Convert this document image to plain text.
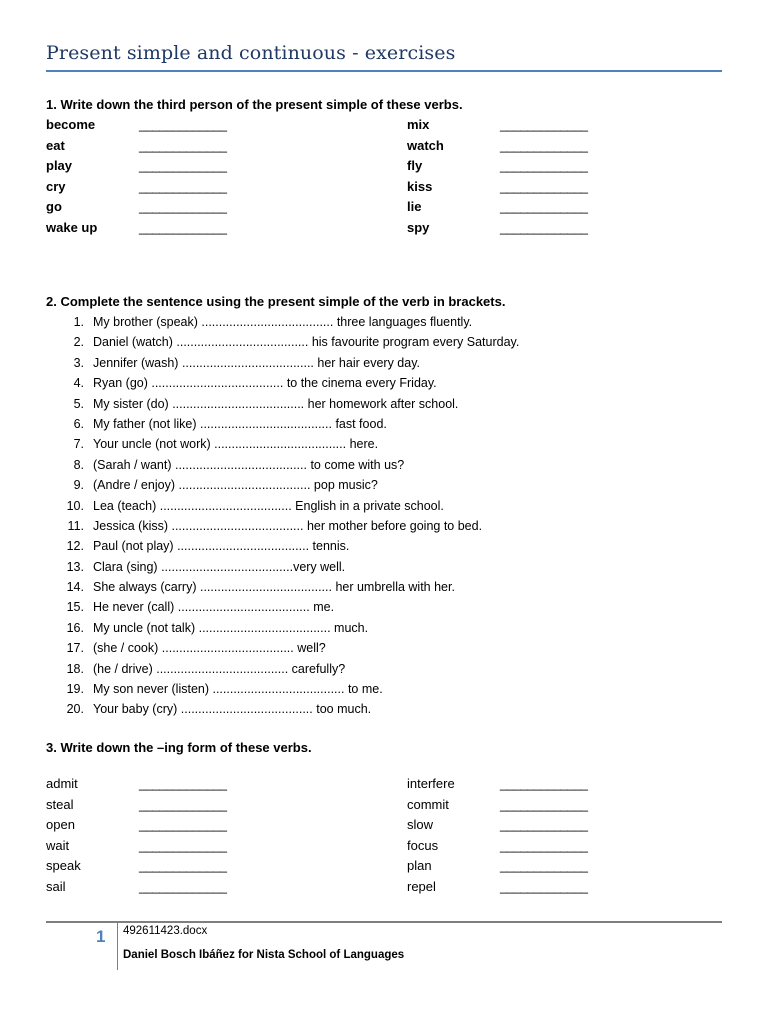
Present simple and continuous - exercises
1. Write down the third person of the present simple of these verbs.
become	_____________	mix	_____________
eat	_____________	watch	_____________
play	_____________	fly	_____________
cry	_____________	kiss	_____________
go	_____________	lie	_____________
wake up	_____________	spy	_____________
2. Complete the sentence using the present simple of the verb in brackets.
1. My brother (speak) ...................................... three languages fluently.
2. Daniel (watch) ...................................... his favourite program every Saturday.
3. Jennifer (wash) ...................................... her hair every day.
4. Ryan (go) ...................................... to the cinema every Friday.
5. My sister (do) ...................................... her homework after school.
6. My father (not like) ...................................... fast food.
7. Your uncle (not work) ...................................... here.
8. (Sarah / want) ...................................... to come with us?
9. (Andre / enjoy) ...................................... pop music?
10. Lea (teach) ...................................... English in a private school.
11. Jessica (kiss) ...................................... her mother before going to bed.
12. Paul (not play) ...................................... tennis.
13. Clara (sing) ......................................very well.
14. She always (carry) ...................................... her umbrella with her.
15. He never (call) ...................................... me.
16. My uncle (not talk) ...................................... much.
17. (she / cook) ...................................... well?
18. (he / drive) ...................................... carefully?
19. My son never (listen) ...................................... to me.
20. Your baby (cry) ...................................... too much.
3. Write down the –ing form of these verbs.
admit	_____________	interfere	_____________
steal	_____________	commit	_____________
open	_____________	slow	_____________
wait	_____________	focus	_____________
speak	_____________	plan	_____________
sail	_____________	repel	_____________
1 492611423.docx
Daniel Bosch Ibáñez for Nista School of Languages
